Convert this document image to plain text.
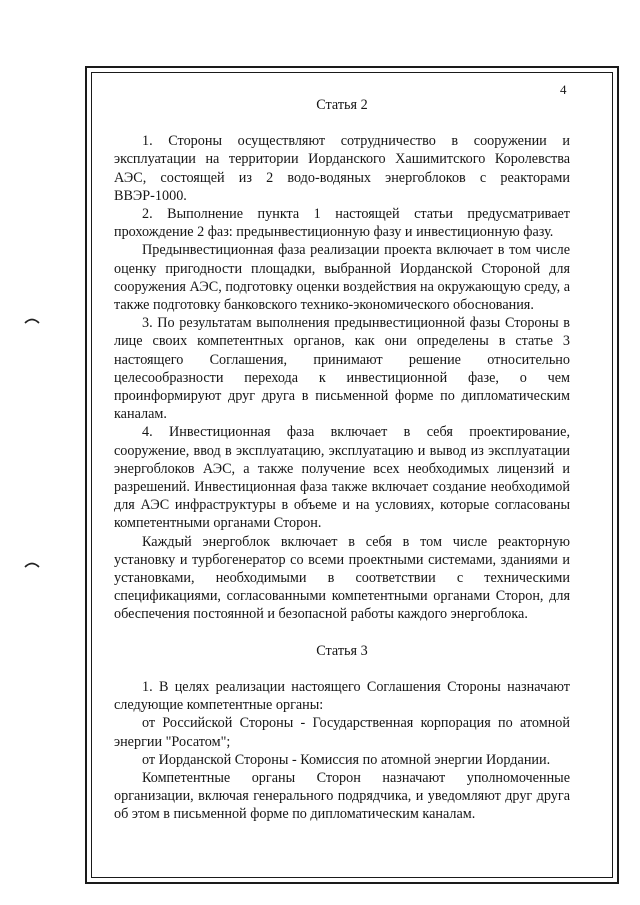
4
Статья 2

1. Стороны осуществляют сотрудничество в сооружении и эксплуатации на территории Иорданского Хашимитского Королевства АЭС, состоящей из 2 водо-водяных энергоблоков с реакторами ВВЭР-1000.

2. Выполнение пункта 1 настоящей статьи предусматривает прохождение 2 фаз: предынвестиционную фазу и инвестиционную фазу.

Предынвестиционная фаза реализации проекта включает в том числе оценку пригодности площадки, выбранной Иорданской Стороной для сооружения АЭС, подготовку оценки воздействия на окружающую среду, а также подготовку банковского технико-экономического обоснования.

3. По результатам выполнения предынвестиционной фазы Стороны в лице своих компетентных органов, как они определены в статье 3 настоящего Соглашения, принимают решение относительно целесообразности перехода к инвестиционной фазе, о чем проинформируют друг друга в письменной форме по дипломатическим каналам.

4. Инвестиционная фаза включает в себя проектирование, сооружение, ввод в эксплуатацию, эксплуатацию и вывод из эксплуатации энергоблоков АЭС, а также получение всех необходимых лицензий и разрешений. Инвестиционная фаза также включает создание необходимой для АЭС инфраструктуры в объеме и на условиях, которые согласованы компетентными органами Сторон.

Каждый энергоблок включает в себя в том числе реакторную установку и турбогенератор со всеми проектными системами, зданиями и установками, необходимыми в соответствии с техническими спецификациями, согласованными компетентными органами Сторон, для обеспечения постоянной и безопасной работы каждого энергоблока.

Статья 3

1. В целях реализации настоящего Соглашения Стороны назначают следующие компетентные органы:

от Российской Стороны - Государственная корпорация по атомной энергии "Росатом";

от Иорданской Стороны - Комиссия по атомной энергии Иордании.

Компетентные органы Сторон назначают уполномоченные организации, включая генерального подрядчика, и уведомляют друг друга об этом в письменной форме по дипломатическим каналам.
